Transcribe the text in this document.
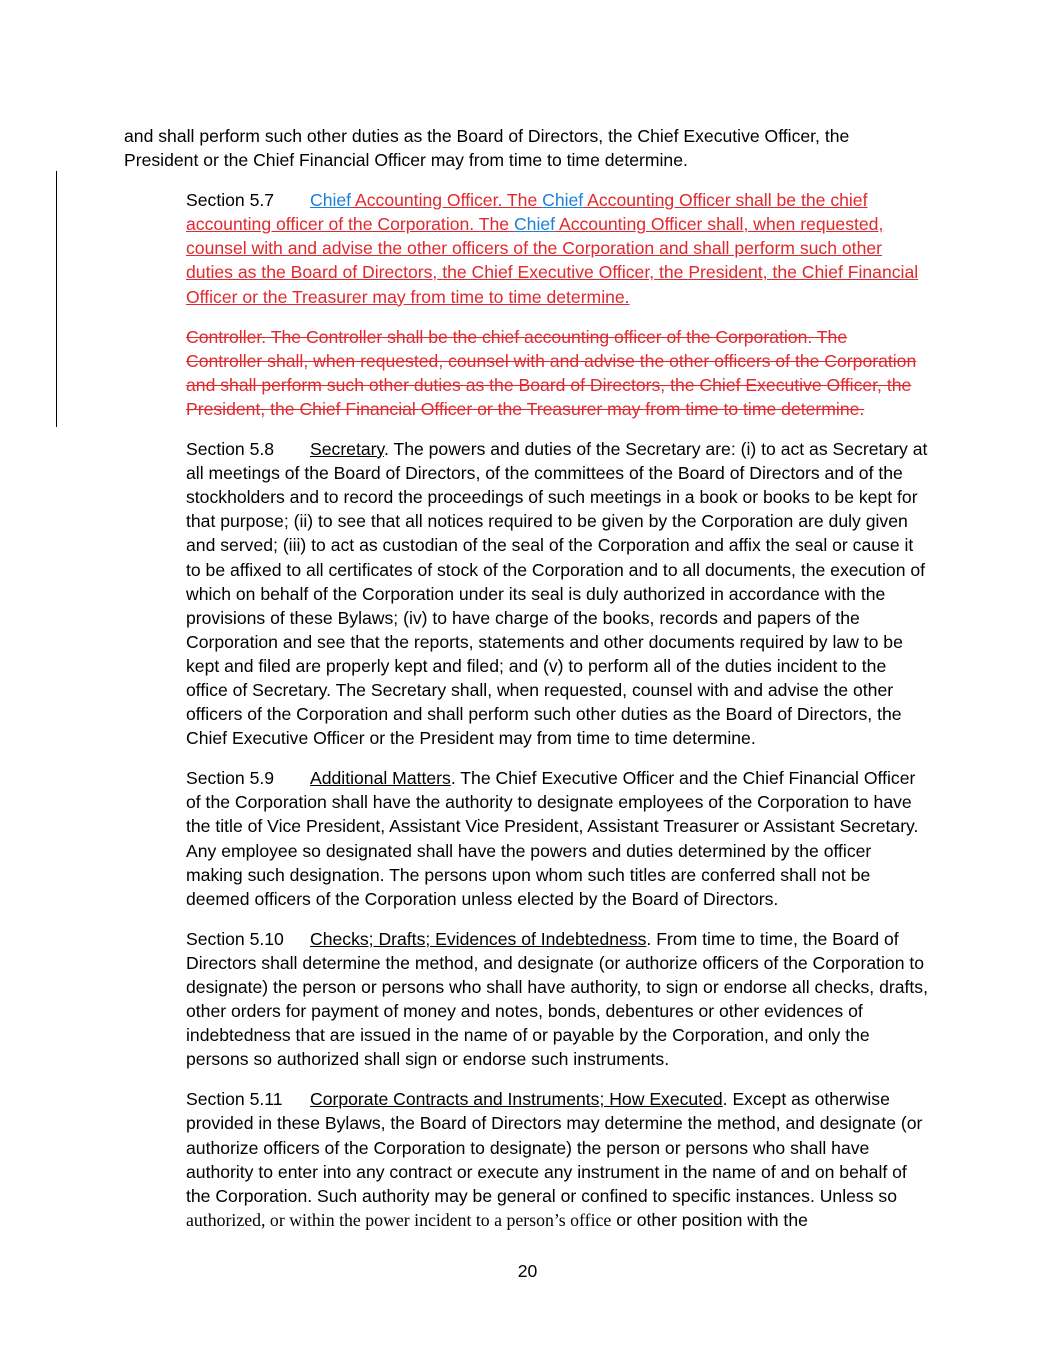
and shall perform such other duties as the Board of Directors, the Chief Executive Officer, the President or the Chief Financial Officer may from time to time determine.

Section 5.7 Chief Accounting Officer. The Chief Accounting Officer shall be the chief accounting officer of the Corporation. The Chief Accounting Officer shall, when requested, counsel with and advise the other officers of the Corporation and shall perform such other duties as the Board of Directors, the Chief Executive Officer, the President, the Chief Financial Officer or the Treasurer may from time to time determine.

Controller. The Controller shall be the chief accounting officer of the Corporation. The Controller shall, when requested, counsel with and advise the other officers of the Corporation and shall perform such other duties as the Board of Directors, the Chief Executive Officer, the President, the Chief Financial Officer or the Treasurer may from time to time determine.

Section 5.8 Secretary. The powers and duties of the Secretary are: (i) to act as Secretary at all meetings of the Board of Directors, of the committees of the Board of Directors and of the stockholders and to record the proceedings of such meetings in a book or books to be kept for that purpose; (ii) to see that all notices required to be given by the Corporation are duly given and served; (iii) to act as custodian of the seal of the Corporation and affix the seal or cause it to be affixed to all certificates of stock of the Corporation and to all documents, the execution of which on behalf of the Corporation under its seal is duly authorized in accordance with the provisions of these Bylaws; (iv) to have charge of the books, records and papers of the Corporation and see that the reports, statements and other documents required by law to be kept and filed are properly kept and filed; and (v) to perform all of the duties incident to the office of Secretary. The Secretary shall, when requested, counsel with and advise the other officers of the Corporation and shall perform such other duties as the Board of Directors, the Chief Executive Officer or the President may from time to time determine.

Section 5.9 Additional Matters. The Chief Executive Officer and the Chief Financial Officer of the Corporation shall have the authority to designate employees of the Corporation to have the title of Vice President, Assistant Vice President, Assistant Treasurer or Assistant Secretary. Any employee so designated shall have the powers and duties determined by the officer making such designation. The persons upon whom such titles are conferred shall not be deemed officers of the Corporation unless elected by the Board of Directors.

Section 5.10 Checks; Drafts; Evidences of Indebtedness. From time to time, the Board of Directors shall determine the method, and designate (or authorize officers of the Corporation to designate) the person or persons who shall have authority, to sign or endorse all checks, drafts, other orders for payment of money and notes, bonds, debentures or other evidences of indebtedness that are issued in the name of or payable by the Corporation, and only the persons so authorized shall sign or endorse such instruments.

Section 5.11 Corporate Contracts and Instruments; How Executed. Except as otherwise provided in these Bylaws, the Board of Directors may determine the method, and designate (or authorize officers of the Corporation to designate) the person or persons who shall have authority to enter into any contract or execute any instrument in the name of and on behalf of the Corporation. Such authority may be general or confined to specific instances. Unless so authorized, or within the power incident to a person’s office or other position with the

20
